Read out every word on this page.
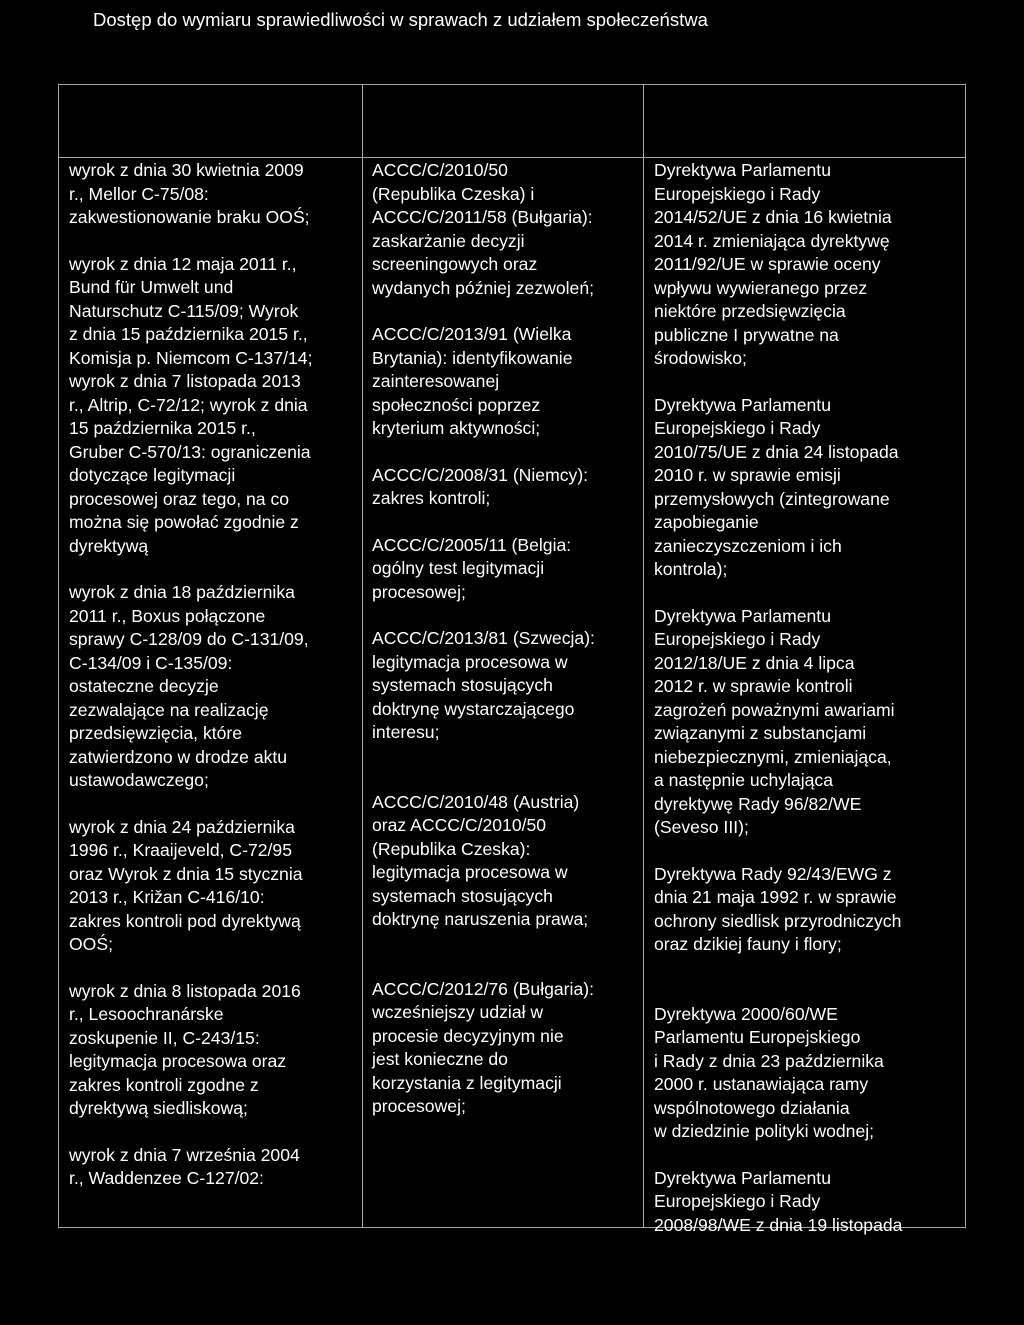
Dostęp do wymiaru sprawiedliwości w sprawach z udziałem społeczeństwa

wyrok z dnia 30 kwietnia 2009
r., Mellor C-75/08:
zakwestionowanie braku OOŚ;

wyrok z dnia 12 maja 2011 r.,
Bund für Umwelt und
Naturschutz C-115/09; Wyrok
z dnia 15 października 2015 r.,
Komisja p. Niemcom C-137/14;
wyrok z dnia 7 listopada 2013
r., Altrip, C-72/12; wyrok z dnia
15 października 2015 r.,
Gruber C-570/13: ograniczenia
dotyczące legitymacji
procesowej oraz tego, na co
można się powołać zgodnie z
dyrektywą

wyrok z dnia 18 października
2011 r., Boxus połączone
sprawy C-128/09 do C-131/09,
C-134/09 i C-135/09:
ostateczne decyzje
zezwalające na realizację
przedsięwzięcia, które
zatwierdzono w drodze aktu
ustawodawczego;

wyrok z dnia 24 października
1996 r., Kraaijeveld, C-72/95
oraz Wyrok z dnia 15 stycznia
2013 r., Križan C-416/10:
zakres kontroli pod dyrektywą
OOŚ;

wyrok z dnia 8 listopada 2016
r., Lesoochranárske
zoskupenie II, C-243/15:
legitymacja procesowa oraz
zakres kontroli zgodne z
dyrektywą siedliskową;

wyrok z dnia 7 września 2004
r., Waddenzee C-127/02:

ACCC/C/2010/50
(Republika Czeska) i
ACCC/C/2011/58 (Bułgaria):
zaskarżanie decyzji
screeningowych oraz
wydanych później zezwoleń;

ACCC/C/2013/91 (Wielka
Brytania): identyfikowanie
zainteresowanej
społeczności poprzez
kryterium aktywności;

ACCC/C/2008/31 (Niemcy):
zakres kontroli;

ACCC/C/2005/11 (Belgia:
ogólny test legitymacji
procesowej;

ACCC/C/2013/81 (Szwecja):
legitymacja procesowa w
systemach stosujących
doktrynę wystarczającego
interesu;

ACCC/C/2010/48 (Austria)
oraz ACCC/C/2010/50
(Republika Czeska):
legitymacja procesowa w
systemach stosujących
doktrynę naruszenia prawa;

ACCC/C/2012/76 (Bułgaria):
wcześniejszy udział w
procesie decyzyjnym nie
jest konieczne do
korzystania z legitymacji
procesowej;

Dyrektywa Parlamentu
Europejskiego i Rady
2014/52/UE z dnia 16 kwietnia
2014 r. zmieniająca dyrektywę
2011/92/UE w sprawie oceny
wpływu wywieranego przez
niektóre przedsięwzięcia
publiczne I prywatne na
środowisko;

Dyrektywa Parlamentu
Europejskiego i Rady
2010/75/UE z dnia 24 listopada
2010 r. w sprawie emisji
przemysłowych (zintegrowane
zapobieganie
zanieczyszczeniom i ich
kontrola);

Dyrektywa Parlamentu
Europejskiego i Rady
2012/18/UE z dnia 4 lipca
2012 r. w sprawie kontroli
zagrożeń poważnymi awariami
związanymi z substancjami
niebezpiecznymi, zmieniająca,
a następnie uchylająca
dyrektywę Rady 96/82/WE
(Seveso III);

Dyrektywa Rady 92/43/EWG z
dnia 21 maja 1992 r. w sprawie
ochrony siedlisk przyrodniczych
oraz dzikiej fauny i flory;

Dyrektywa 2000/60/WE
Parlamentu Europejskiego
i Rady z dnia 23 października
2000 r. ustanawiająca ramy
wspólnotowego działania
w dziedzinie polityki wodnej;

Dyrektywa Parlamentu
Europejskiego i Rady
2008/98/WE z dnia 19 listopada
